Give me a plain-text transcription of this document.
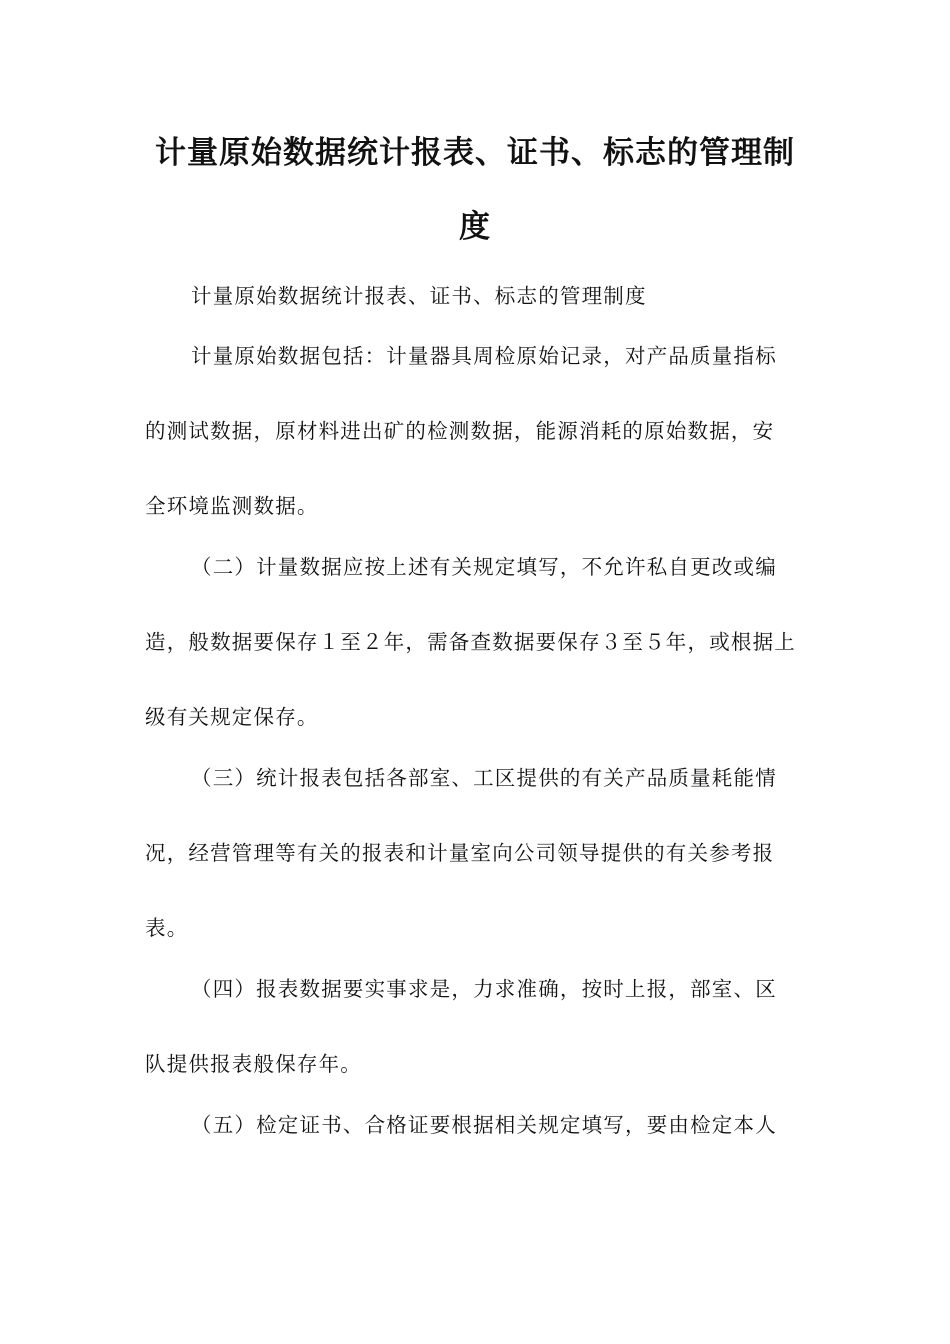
计量原始数据统计报表、证书、标志的管理制
度
计量原始数据统计报表、证书、标志的管理制度
计量原始数据包括：计量器具周检原始记录，对产品质量指标
的测试数据，原材料进出矿的检测数据，能源消耗的原始数据，安
全环境监测数据。
（二）计量数据应按上述有关规定填写，不允许私自更改或编
造，般数据要保存１至２年，需备查数据要保存３至５年，或根据上
级有关规定保存。
（三）统计报表包括各部室、工区提供的有关产品质量耗能情
况，经营管理等有关的报表和计量室向公司领导提供的有关参考报
表。
（四）报表数据要实事求是，力求准确，按时上报，部室、区
队提供报表般保存年。
（五）检定证书、合格证要根据相关规定填写，要由检定本人
